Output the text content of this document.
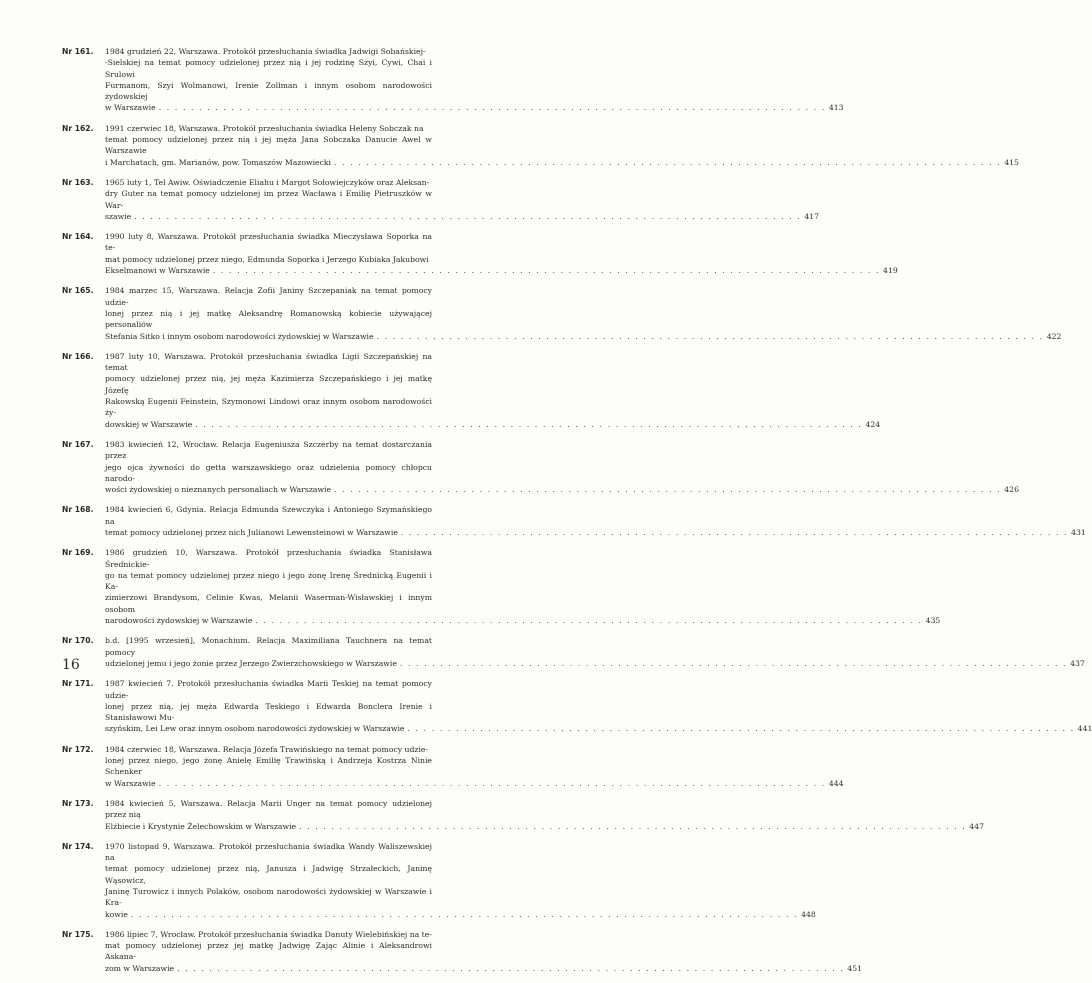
Nr 161. 1984 grudzień 22, Warszawa. Protokół przesłuchania świadka Jadwigi Sobańskiej-
-Sielskiej na temat pomocy udzielonej przez nią i jej rodzinę Szyi, Cywi, Chai i Srulowi
Furmanom, Szyi Wolmanowi, Irenie Zollman i innym osobom narodowości żydowskiej
w Warszawie . . . . . . . . . . . . . . . . . . . . . . . . . . . . . . . . . . . . . . . . . . . . . . . . . . . . . . . . . . . . . . . . . . . . . . . . . . . . . . . . . . . 413
Nr 162. 1991 czerwiec 18, Warszawa. Protokół przesłuchania świadka Heleny Sobczak na
temat pomocy udzielonej przez nią i jej męża Jana Sobczaka Danucie Awel w Warszawie
i Marchatach, gm. Marianów, pow. Tomaszów Mazowiecki . . . . . . . . . . . . . . . . . . . . . . . . . . . . . . . . . . . . . . . . . . . . . . . . . . . . . . . . . . . . . . . . . . . . . . . . . . . . . . . . . . . 415
Nr 163. 1965 luty 1, Tel Awiw. Oświadczenie Eliahu i Margot Sołowiejczyków oraz Aleksan-
dry Guter na temat pomocy udzielonej im przez Wacława i Emilię Pietruszków w War-
szawie . . . . . . . . . . . . . . . . . . . . . . . . . . . . . . . . . . . . . . . . . . . . . . . . . . . . . . . . . . . . . . . . . . . . . . . . . . . . . . . . . . . 417
Nr 164. 1990 luty 8, Warszawa. Protokół przesłuchania świadka Mieczysława Soporka na te-
mat pomocy udzielonej przez niego, Edmunda Soporka i Jerzego Kubiaka Jakubowi
Ekselmanowi w Warszawie . . . . . . . . . . . . . . . . . . . . . . . . . . . . . . . . . . . . . . . . . . . . . . . . . . . . . . . . . . . . . . . . . . . . . . . . . . . . . . . . . . . 419
Nr 165. 1984 marzec 15, Warszawa. Relacja Zofii Janiny Szczepaniak na temat pomocy udzie-
lonej przez nią i jej matkę Aleksandrę Romanowską kobiecie używającej personaliów
Stefania Sitko i innym osobom narodowości żydowskiej w Warszawie . . . . . . . . . . . . . . . . . . . . . . . . . . . . . . . . . . . . . . . . . . . . . . . . . . . . . . . . . . . . . . . . . . . . . . . . . . . . . . . . . . . 422
Nr 166. 1987 luty 10, Warszawa. Protokół przesłuchania świadka Ligii Szczepańskiej na temat
pomocy udzielonej przez nią, jej męża Kazimierza Szczepańskiego i jej matkę Józefę
Rakowską Eugenii Feinstein, Szymonowi Lindowi oraz innym osobom narodowości ży-
dowskiej w Warszawie . . . . . . . . . . . . . . . . . . . . . . . . . . . . . . . . . . . . . . . . . . . . . . . . . . . . . . . . . . . . . . . . . . . . . . . . . . . . . . . . . . . 424
Nr 167. 1983 kwiecień 12, Wrocław. Relacja Eugeniusza Szczerby na temat dostarczania przez
jego ojca żywności do getta warszawskiego oraz udzielenia pomocy chłopcu narodo-
wości żydowskiej o nieznanych personaliach w Warszawie . . . . . . . . . . . . . . . . . . . . . . . . . . . . . . . . . . . . . . . . . . . . . . . . . . . . . . . . . . . . . . . . . . . . . . . . . . . . . . . . . . . 426
Nr 168. 1984 kwiecień 6, Gdynia. Relacja Edmunda Szewczyka i Antoniego Szymańskiego na
temat pomocy udzielonej przez nich Julianowi Lewensteinowi w Warszawie . . . . . . . . . . . . . . . . . . . . . . . . . . . . . . . . . . . . . . . . . . . . . . . . . . . . . . . . . . . . . . . . . . . . . . . . . . . . . . . . . . . 431
Nr 169. 1986 grudzień 10, Warszawa. Protokół przesłuchania świadka Stanisława Średnickie-
go na temat pomocy udzielonej przez niego i jego żonę Irenę Średnicką Eugenii i Ka-
zimierzowi Brandysom, Celinie Kwas, Melanii Waserman-Wisławskiej i innym osobom
narodowości żydowskiej w Warszawie . . . . . . . . . . . . . . . . . . . . . . . . . . . . . . . . . . . . . . . . . . . . . . . . . . . . . . . . . . . . . . . . . . . . . . . . . . . . . . . . . . . 435
Nr 170. b.d. [1995 wrzesień], Monachium. Relacja Maximiliana Tauchnera na temat pomocy
udzielonej jemu i jego żonie przez Jerzego Zwierzchowskiego w Warszawie . . . . . . . . . . . . . . . . . . . . . . . . . . . . . . . . . . . . . . . . . . . . . . . . . . . . . . . . . . . . . . . . . . . . . . . . . . . . . . . . . . . 437
Nr 171. 1987 kwiecień 7. Protokół przesłuchania świadka Marii Teskiej na temat pomocy udzie-
lonej przez nią, jej męża Edwarda Teskiego i Edwarda Bonclera Irenie i Stanisławowi Mu-
szyńskim, Lei Lew oraz innym osobom narodowości żydowskiej w Warszawie . . . . . . . . . . . . . . . . . . . . . . . . . . . . . . . . . . . . . . . . . . . . . . . . . . . . . . . . . . . . . . . . . . . . . . . . . . . . . . . . . . . 441
Nr 172. 1984 czerwiec 18, Warszawa. Relacja Józefa Trawińskiego na temat pomocy udzie-
lonej przez niego, jego żonę Anielę Emilię Trawińską i Andrzeja Kostrza Ninie Schenker
w Warszawie . . . . . . . . . . . . . . . . . . . . . . . . . . . . . . . . . . . . . . . . . . . . . . . . . . . . . . . . . . . . . . . . . . . . . . . . . . . . . . . . . . . 444
Nr 173. 1984 kwiecień 5, Warszawa. Relacja Marii Unger na temat pomocy udzielonej przez nią
Elżbiecie i Krystynie Żelechowskim w Warszawie . . . . . . . . . . . . . . . . . . . . . . . . . . . . . . . . . . . . . . . . . . . . . . . . . . . . . . . . . . . . . . . . . . . . . . . . . . . . . . . . . . . 447
Nr 174. 1970 listopad 9, Warszawa. Protokół przesłuchania świadka Wandy Waliszewskiej na
temat pomocy udzielonej przez nią, Janusza i Jadwigę Strzałeckich, Janinę Wąsowicz,
Janinę Turowicz i innych Polaków, osobom narodowości żydowskiej w Warszawie i Kra-
kowie . . . . . . . . . . . . . . . . . . . . . . . . . . . . . . . . . . . . . . . . . . . . . . . . . . . . . . . . . . . . . . . . . . . . . . . . . . . . . . . . . . . 448
Nr 175. 1986 lipiec 7, Wrocław. Protokół przesłuchania świadka Danuty Wielebińskiej na te-
mat pomocy udzielonej przez jej matkę Jadwigę Zając Alinie i Aleksandrowi Askana-
zom w Warszawie . . . . . . . . . . . . . . . . . . . . . . . . . . . . . . . . . . . . . . . . . . . . . . . . . . . . . . . . . . . . . . . . . . . . . . . . . . . . . . . . . . . 451
16
